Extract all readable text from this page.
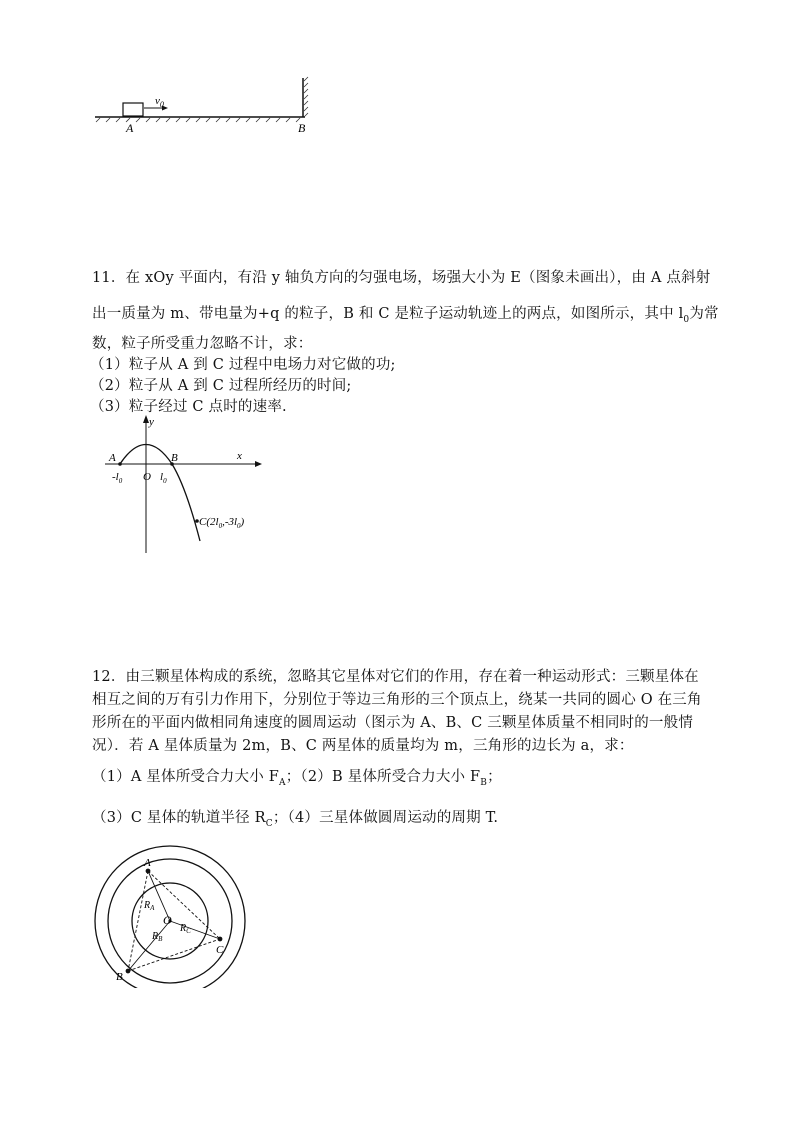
$v_0$
A	B
11．在 xOy 平面内，有沿 y 轴负方向的匀强电场，场强大小为 E（图象未画出），由 A 点斜射
出一质量为 m、带电量为+q 的粒子，B 和 C 是粒子运动轨迹上的两点，如图所示，其中 $l_0$为常
数，粒子所受重力忽略不计，求：
（1）粒子从 A 到 C 过程中电场力对它做的功;
（2）粒子从 A 到 C 过程所经历的时间;
（3）粒子经过 C 点时的速率.
y
x
A	B
O
$-l_0$	$l_0$
$C(2l_0,-3l_0)$
12．由三颗星体构成的系统，忽略其它星体对它们的作用，存在着一种运动形式：三颗星体在
相互之间的万有引力作用下，分别位于等边三角形的三个顶点上，绕某一共同的圆心 O 在三角
形所在的平面内做相同角速度的圆周运动（图示为 A、B、C 三颗星体质量不相同时的一般情
况）．若 A 星体质量为 2m，B、C 两星体的质量均为 m，三角形的边长为 a，求：
（1）A 星体所受合力大小 $F_A$；（2）B 星体所受合力大小 $F_B$；
（3）C 星体的轨道半径 $R_C$；（4）三星体做圆周运动的周期 T.
A
B
C
O
$R_A$
$R_B$
$R_C$
